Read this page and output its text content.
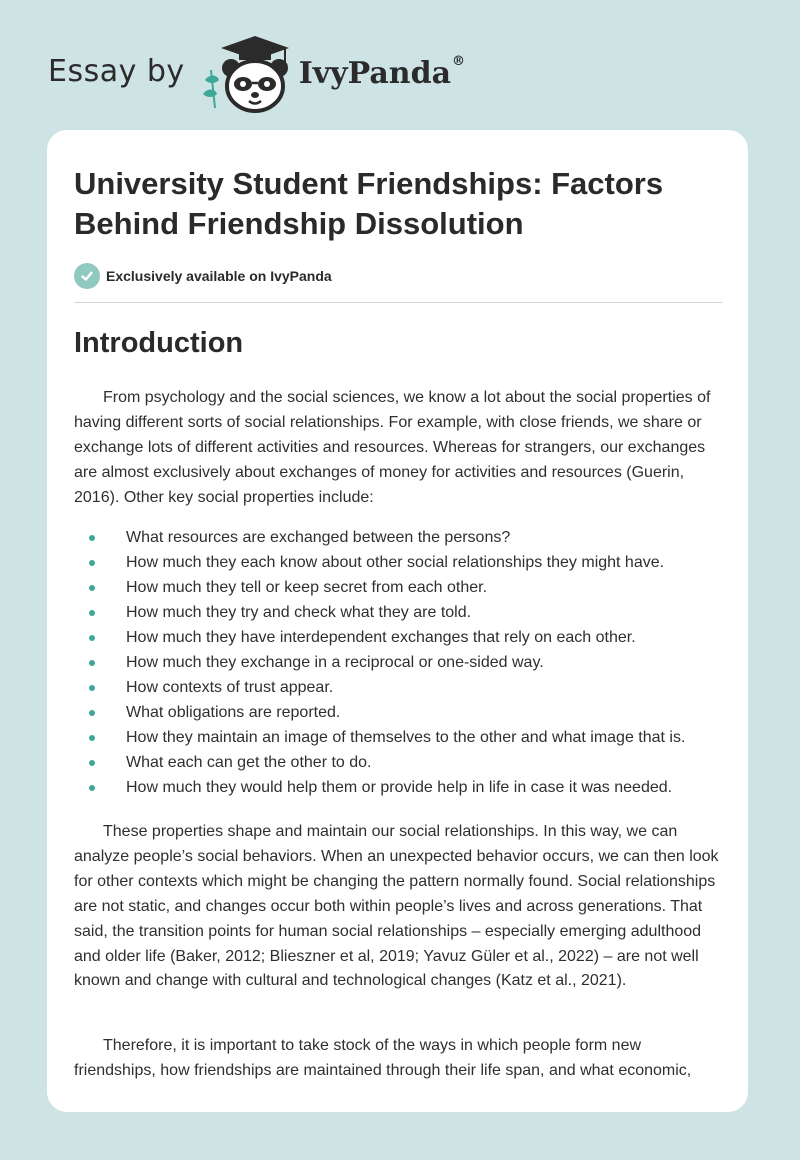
Essay by	IvyPanda®
University Student Friendships: Factors Behind Friendship Dissolution
Exclusively available on IvyPanda
Introduction

From psychology and the social sciences, we know a lot about the social properties of having different sorts of social relationships. For example, with close friends, we share or exchange lots of different activities and resources. Whereas for strangers, our exchanges are almost exclusively about exchanges of money for activities and resources (Guerin, 2016). Other key social properties include:

What resources are exchanged between the persons?
How much they each know about other social relationships they might have.
How much they tell or keep secret from each other.
How much they try and check what they are told.
How much they have interdependent exchanges that rely on each other.
How much they exchange in a reciprocal or one-sided way.
How contexts of trust appear.
What obligations are reported.
How they maintain an image of themselves to the other and what image that is.
What each can get the other to do.
How much they would help them or provide help in life in case it was needed.

These properties shape and maintain our social relationships. In this way, we can analyze people’s social behaviors. When an unexpected behavior occurs, we can then look for other contexts which might be changing the pattern normally found. Social relationships are not static, and changes occur both within people’s lives and across generations. That said, the transition points for human social relationships – especially emerging adulthood and older life (Baker, 2012; Blieszner et al, 2019; Yavuz Güler et al., 2022) – are not well known and change with cultural and technological changes (Katz et al., 2021).

Therefore, it is important to take stock of the ways in which people form new friendships, how friendships are maintained through their life span, and what economic,
